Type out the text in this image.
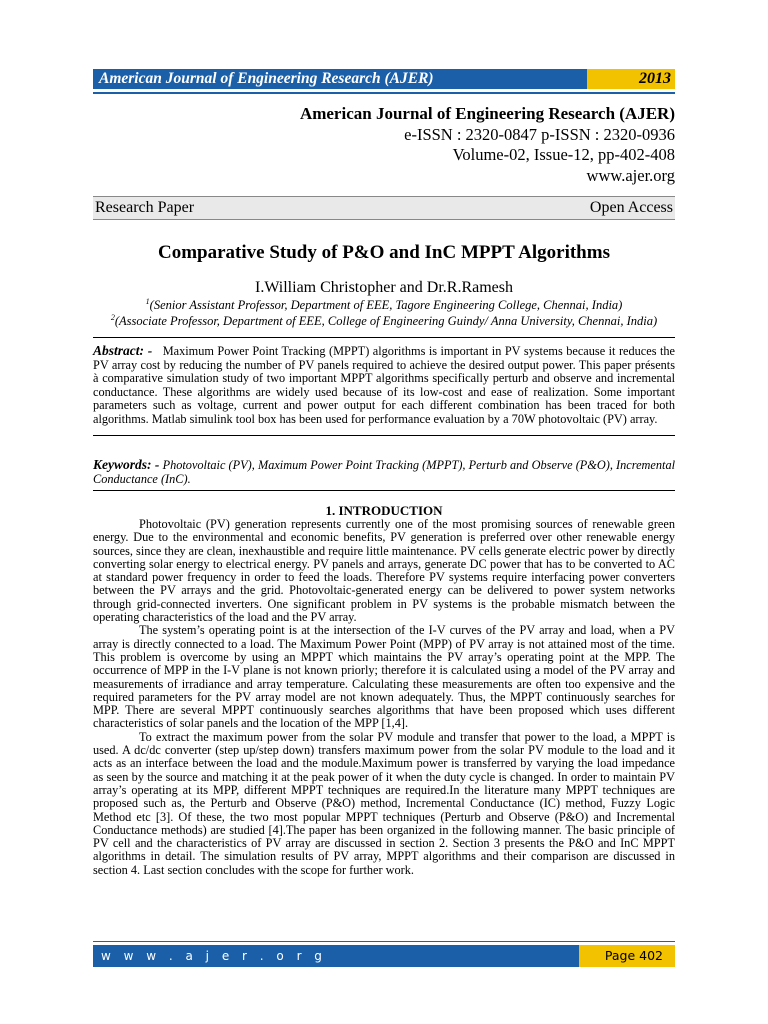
American Journal of Engineering Research (AJER)	2013
American Journal of Engineering Research (AJER)
e-ISSN : 2320-0847 p-ISSN : 2320-0936
Volume-02, Issue-12, pp-402-408
www.ajer.org
Research Paper	Open Access
Comparative Study of P&O and InC MPPT Algorithms
I.William Christopher and Dr.R.Ramesh
$^1$(Senior Assistant Professor, Department of EEE, Tagore Engineering College, Chennai, India)
$^2$(Associate Professor, Department of EEE, College of Engineering Guindy/ Anna University, Chennai, India)
Abstract: - Maximum Power Point Tracking (MPPT) algorithms is important in PV systems because it reduces the PV array cost by reducing the number of PV panels required to achieve the desired output power. This paper présents à comparative simulation study of two important MPPT algorithms specifically perturb and observe and incremental conductance. These algorithms are widely used because of its low-cost and ease of realization. Some important parameters such as voltage, current and power output for each different combination has been traced for both algorithms. Matlab simulink tool box has been used for performance evaluation by a 70W photovoltaic (PV) array.
Keywords: - Photovoltaic (PV), Maximum Power Point Tracking (MPPT), Perturb and Observe (P&O), Incremental Conductance (InC).
1. INTRODUCTION

Photovoltaic (PV) generation represents currently one of the most promising sources of renewable green energy. Due to the environmental and economic benefits, PV generation is preferred over other renewable energy sources, since they are clean, inexhaustible and require little maintenance. PV cells generate electric power by directly converting solar energy to electrical energy. PV panels and arrays, generate DC power that has to be converted to AC at standard power frequency in order to feed the loads. Therefore PV systems require interfacing power converters between the PV arrays and the grid. Photovoltaic-generated energy can be delivered to power system networks through grid-connected inverters. One significant problem in PV systems is the probable mismatch between the operating characteristics of the load and the PV array.

The system’s operating point is at the intersection of the I-V curves of the PV array and load, when a PV array is directly connected to a load. The Maximum Power Point (MPP) of PV array is not attained most of the time. This problem is overcome by using an MPPT which maintains the PV array’s operating point at the MPP. The occurrence of MPP in the I-V plane is not known priorly; therefore it is calculated using a model of the PV array and measurements of irradiance and array temperature. Calculating these measurements are often too expensive and the required parameters for the PV array model are not known adequately. Thus, the MPPT continuously searches for MPP. There are several MPPT continuously searches algorithms that have been proposed which uses different characteristics of solar panels and the location of the MPP [1,4].

To extract the maximum power from the solar PV module and transfer that power to the load, a MPPT is used. A dc/dc converter (step up/step down) transfers maximum power from the solar PV module to the load and it acts as an interface between the load and the module.Maximum power is transferred by varying the load impedance as seen by the source and matching it at the peak power of it when the duty cycle is changed. In order to maintain PV array’s operating at its MPP, different MPPT techniques are required.In the literature many MPPT techniques are proposed such as, the Perturb and Observe (P&O) method, Incremental Conductance (IC) method, Fuzzy Logic Method etc [3]. Of these, the two most popular MPPT techniques (Perturb and Observe (P&O) and Incremental Conductance methods) are studied [4].The paper has been organized in the following manner. The basic principle of PV cell and the characteristics of PV array are discussed in section 2. Section 3 presents the P&O and InC MPPT algorithms in detail. The simulation results of PV array, MPPT algorithms and their comparison are discussed in section 4. Last section concludes with the scope for further work.

w w w . a j e r . o r g	Page 402
